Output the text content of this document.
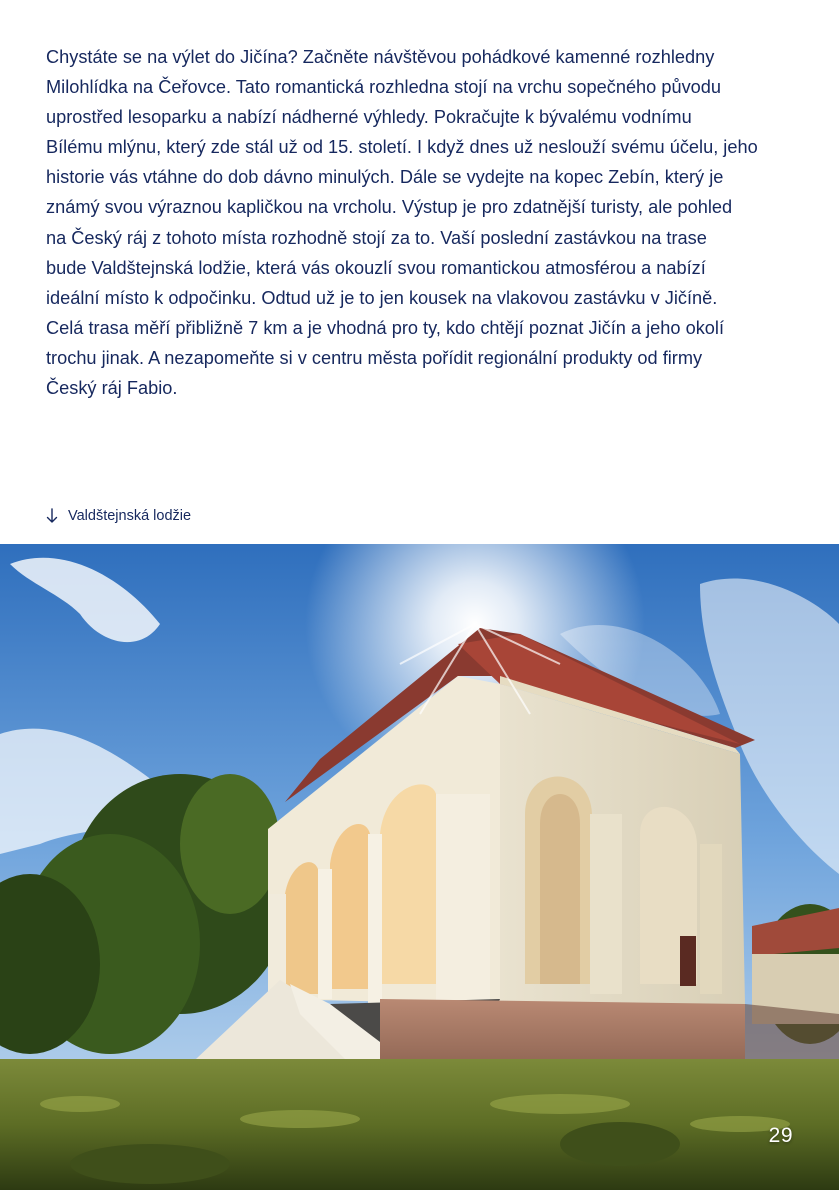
Chystáte se na výlet do Jičína? Začněte návštěvou pohádkové kamenné rozhledny

Milohlídka na Čeřovce. Tato romantická rozhledna stojí na vrchu sopečného původu

uprostřed lesoparku a nabízí nádherné výhledy. Pokračujte k bývalému vodnímu

Bílému mlýnu, který zde stál už od 15. století. I když dnes už neslouží svému účelu, jeho

historie vás vtáhne do dob dávno minulých. Dále se vydejte na kopec Zebín, který je

známý svou výraznou kapličkou na vrcholu. Výstup je pro zdatnější turisty, ale pohled

na Český ráj z tohoto místa rozhodně stojí za to. Vaší poslední zastávkou na trase

bude Valdštejnská lodžie, která vás okouzlí svou romantickou atmosférou a nabízí

ideální místo k odpočinku. Odtud už je to jen kousek na vlakovou zastávku v Jičíně.

Celá trasa měří přibližně 7 km a je vhodná pro ty, kdo chtějí poznat Jičín a jeho okolí

trochu jinak. A nezapomeňte si v centru města pořídit regionální produkty od firmy

Český ráj Fabio.

Valdštejnská lodžie
29
